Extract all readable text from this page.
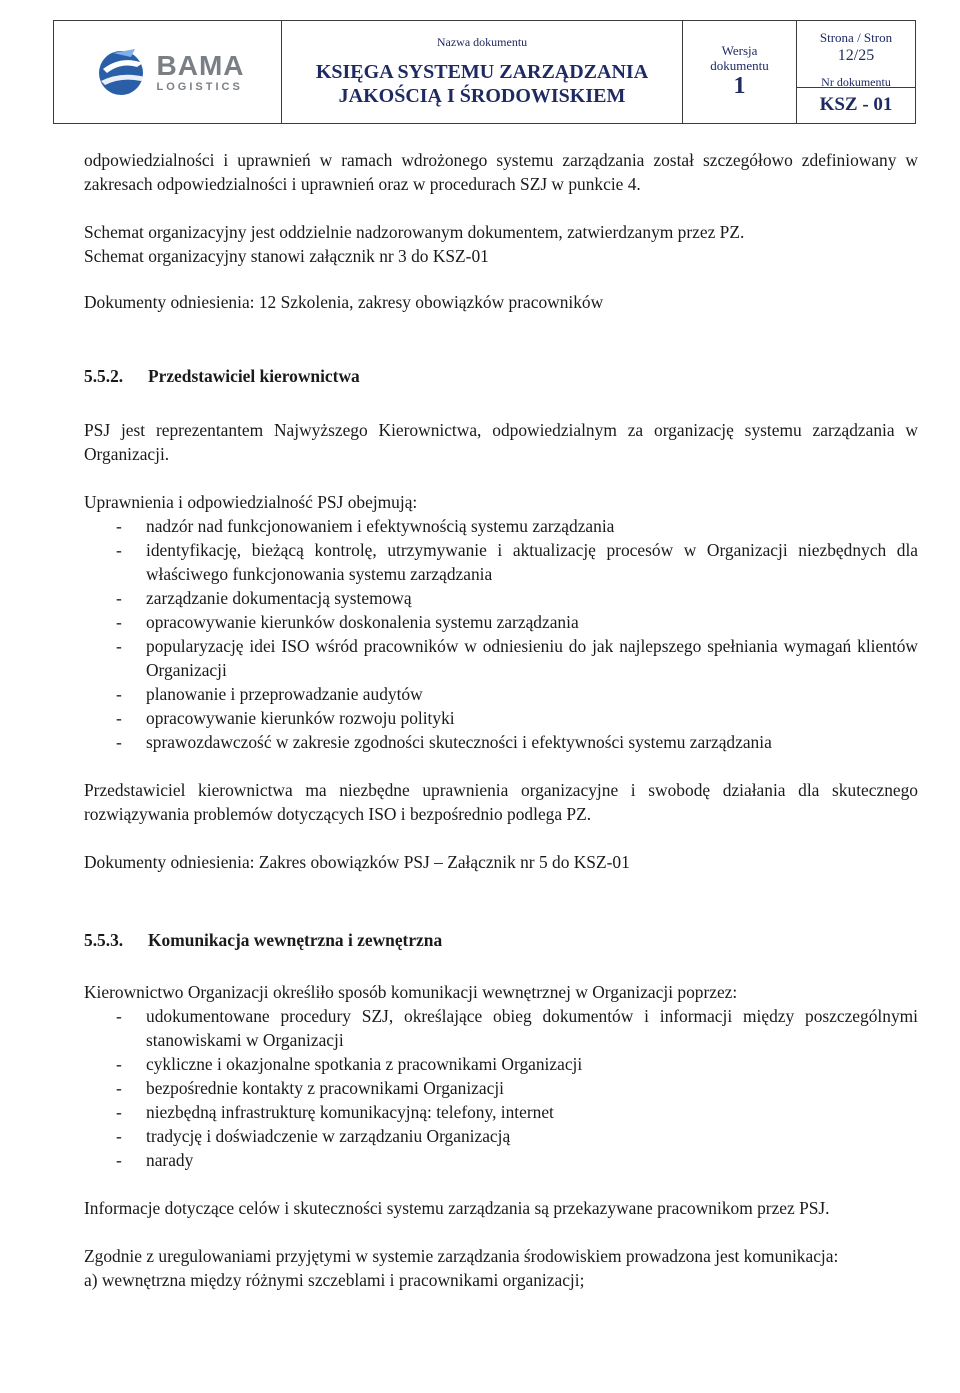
BAMA
LOGISTICS
Nazwa dokumentu
KSIĘGA SYSTEMU ZARZĄDZANIA
JAKOŚCIĄ I ŚRODOWISKIEM
Wersja
dokumentu
1
Strona / Stron
12/25
Nr dokumentu
KSZ - 01

odpowiedzialności i uprawnień w ramach wdrożonego systemu zarządzania został szczegółowo zdefiniowany w zakresach odpowiedzialności i uprawnień oraz w procedurach SZJ w punkcie 4.

Schemat organizacyjny jest oddzielnie nadzorowanym dokumentem, zatwierdzanym przez PZ.

Schemat organizacyjny stanowi załącznik nr 3 do KSZ-01

Dokumenty odniesienia: 12 Szkolenia, zakresy obowiązków pracowników

5.5.2. Przedstawiciel kierownictwa

PSJ jest reprezentantem Najwyższego Kierownictwa, odpowiedzialnym za organizację systemu zarządzania w Organizacji.

Uprawnienia i odpowiedzialność PSJ obejmują:

- nadzór nad funkcjonowaniem i efektywnością systemu zarządzania
- identyfikację, bieżącą kontrolę, utrzymywanie i aktualizację procesów w Organizacji niezbędnych dla właściwego funkcjonowania systemu zarządzania
- zarządzanie dokumentacją systemową
- opracowywanie kierunków doskonalenia systemu zarządzania
- popularyzację idei ISO wśród pracowników w odniesieniu do jak najlepszego spełniania wymagań klientów Organizacji
- planowanie i przeprowadzanie audytów
- opracowywanie kierunków rozwoju polityki
- sprawozdawczość w zakresie zgodności skuteczności i efektywności systemu zarządzania

Przedstawiciel kierownictwa ma niezbędne uprawnienia organizacyjne i swobodę działania dla skutecznego rozwiązywania problemów dotyczących ISO i bezpośrednio podlega PZ.

Dokumenty odniesienia: Zakres obowiązków PSJ – Załącznik nr 5 do KSZ-01

5.5.3. Komunikacja wewnętrzna i zewnętrzna

Kierownictwo Organizacji określiło sposób komunikacji wewnętrznej w Organizacji poprzez:

- udokumentowane procedury SZJ, określające obieg dokumentów i informacji między poszczególnymi stanowiskami w Organizacji
- cykliczne i okazjonalne spotkania z pracownikami Organizacji
- bezpośrednie kontakty z pracownikami Organizacji
- niezbędną infrastrukturę komunikacyjną: telefony, internet
- tradycję i doświadczenie w zarządzaniu Organizacją
- narady

Informacje dotyczące celów i skuteczności systemu zarządzania są przekazywane pracownikom przez PSJ.

Zgodnie z uregulowaniami przyjętymi w systemie zarządzania środowiskiem prowadzona jest komunikacja:

a) wewnętrzna między różnymi szczeblami i pracownikami organizacji;
